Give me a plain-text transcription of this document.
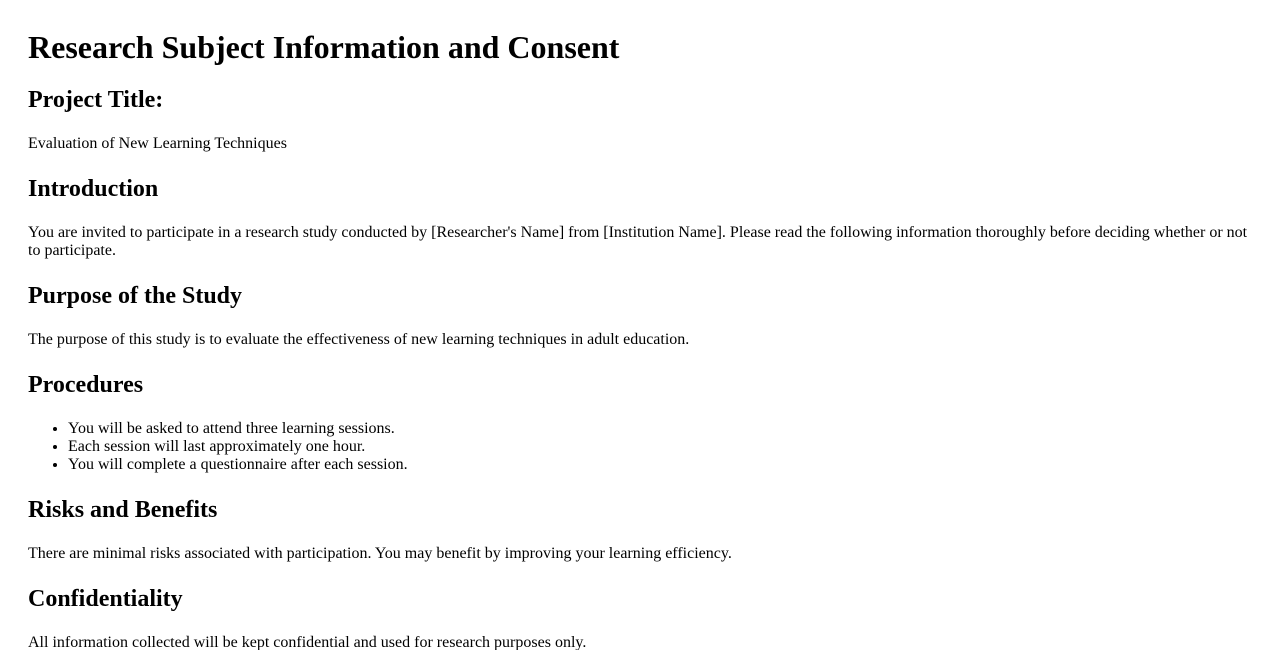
Research Subject Information and Consent
Project Title:

Evaluation of New Learning Techniques

Introduction

You are invited to participate in a research study conducted by [Researcher's Name] from [Institution Name]. Please read the following information thoroughly before deciding whether or not to participate.

Purpose of the Study

The purpose of this study is to evaluate the effectiveness of new learning techniques in adult education.

Procedures
• You will be asked to attend three learning sessions.
• Each session will last approximately one hour.
• You will complete a questionnaire after each session.
Risks and Benefits

There are minimal risks associated with participation. You may benefit by improving your learning efficiency.

Confidentiality

All information collected will be kept confidential and used for research purposes only.
